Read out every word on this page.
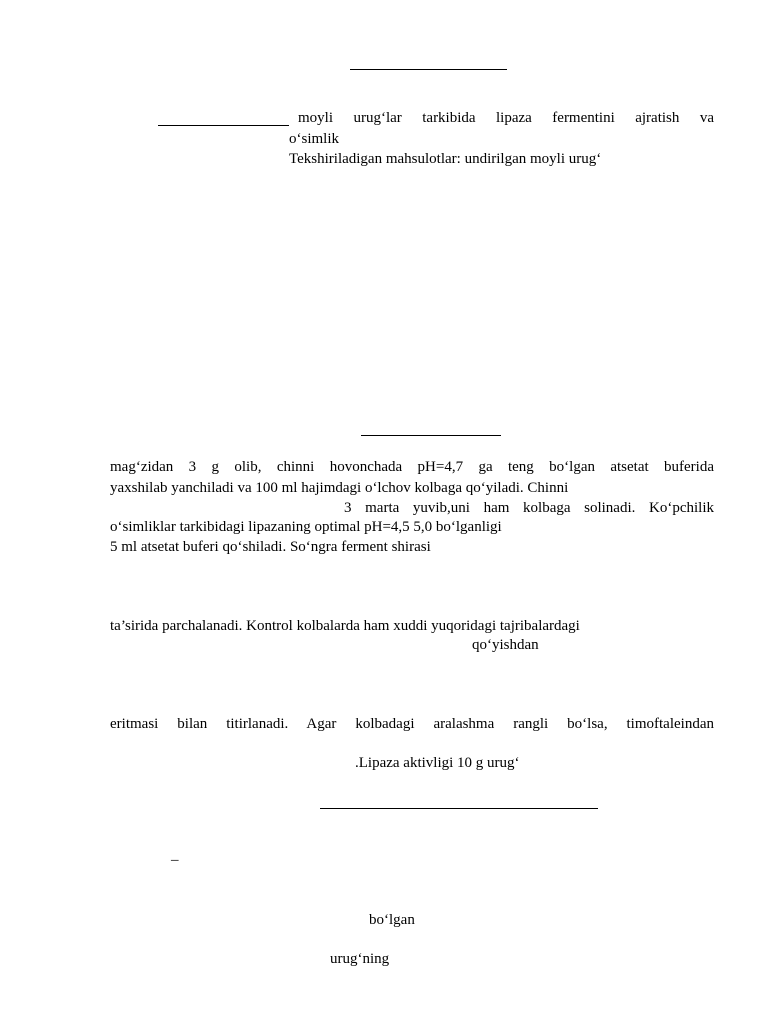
moyli urug‘lar tarkibida lipaza fermentini ajratish va
o‘simlik
Tekshiriladigan mahsulotlar: undirilgan moyli urug‘
mag‘zidan 3 g olib, chinni hovonchada pH=4,7 ga teng bo‘lgan atsetat buferida
yaxshilab yanchiladi va 100 ml hajimdagi o‘lchov kolbaga qo‘yiladi. Chinni
3 marta yuvib,uni ham kolbaga solinadi. Ko‘pchilik
o‘simliklar tarkibidagi lipazaning optimal pH=4,5 5,0 bo‘lganligi
5 ml atsetat buferi qo‘shiladi. So‘ngra ferment shirasi
ta’sirida parchalanadi. Kontrol kolbalarda ham xuddi yuqoridagi tajribalardagi
qo‘yishdan
eritmasi bilan titirlanadi. Agar kolbadagi aralashma rangli bo‘lsa, timoftaleindan
.Lipaza aktivligi 10 g urug‘
–
bo‘lgan
urug‘ning
